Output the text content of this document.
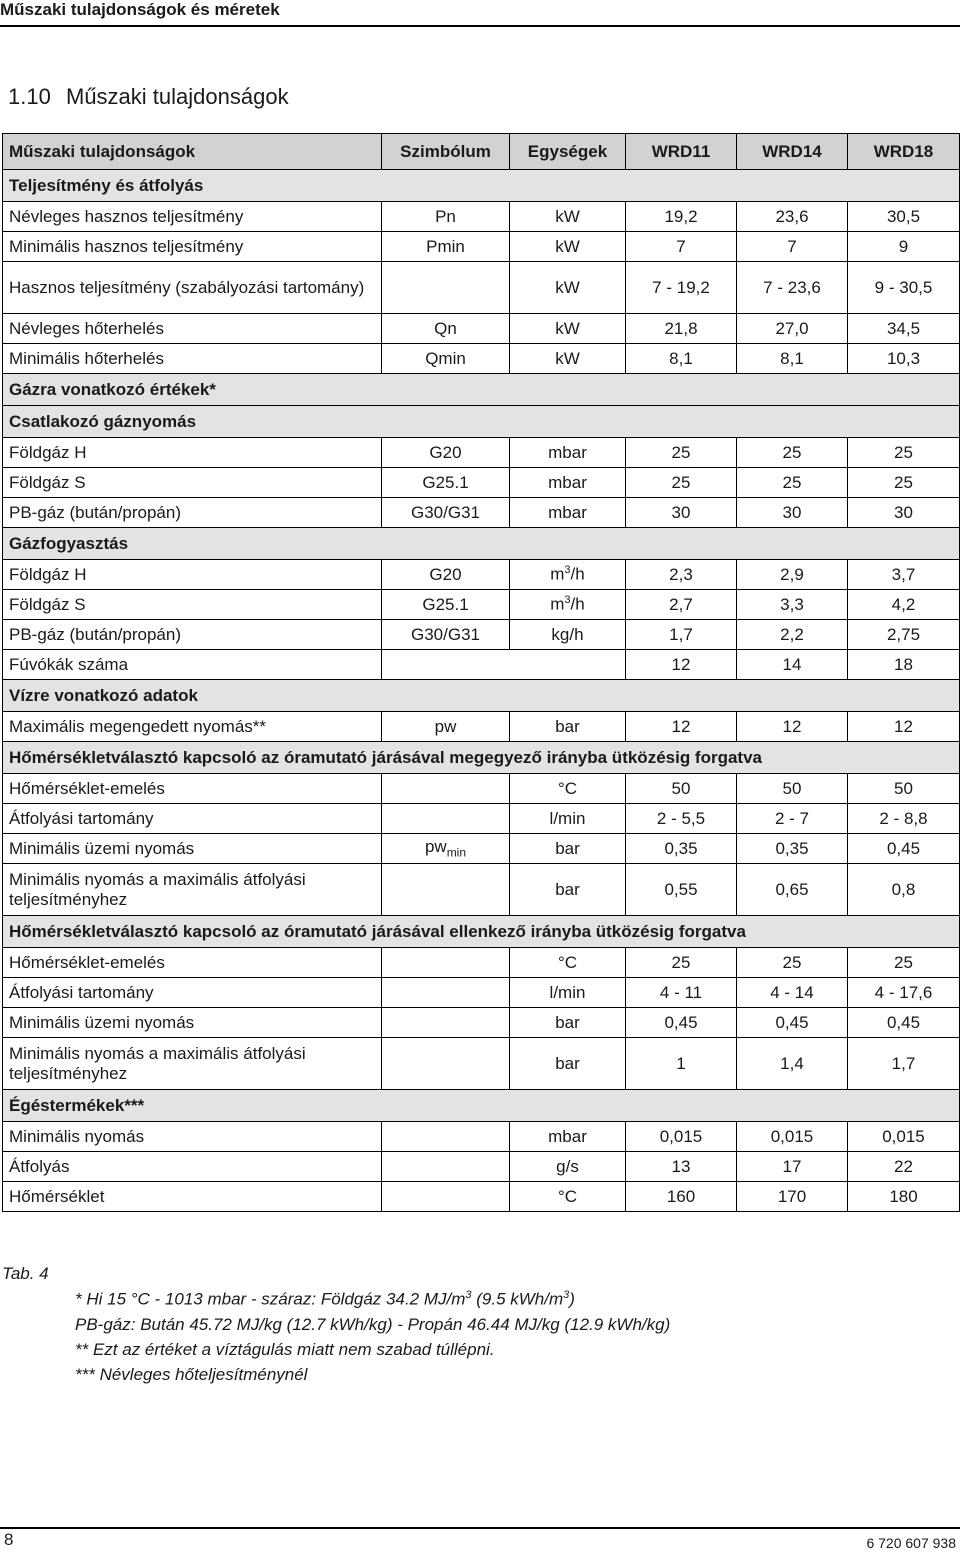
Műszaki tulajdonságok és méretek
1.10 Műszaki tulajdonságok
Műszaki tulajdonságok	Szimbólum	Egységek	WRD11	WRD14	WRD18
Teljesítmény és átfolyás					
Névleges hasznos teljesítmény	Pn	kW	19,2	23,6	30,5
Minimális hasznos teljesítmény	Pmin	kW	7	7	9
Hasznos teljesítmény (szabályozási tartomány)		kW	7 - 19,2	7 - 23,6	9 - 30,5
Névleges hőterhelés	Qn	kW	21,8	27,0	34,5
Minimális hőterhelés	Qmin	kW	8,1	8,1	10,3
Gázra vonatkozó értékek*					
Csatlakozó gáznyomás					
Földgáz H	G20	mbar	25	25	25
Földgáz S	G25.1	mbar	25	25	25
PB-gáz (bután/propán)	G30/G31	mbar	30	30	30
Gázfogyasztás					
Földgáz H	G20	$m^3/h$	2,3	2,9	3,7
Földgáz S	G25.1	$m^3/h$	2,7	3,3	4,2
PB-gáz (bután/propán)	G30/G31	kg/h	1,7	2,2	2,75
Fúvókák száma			12	14	18
Vízre vonatkozó adatok					
Maximális megengedett nyomás**	pw	bar	12	12	12
Hőmérsékletválasztó kapcsoló az óramutató járásával megegyező irányba ütközésig forgatva					
Hőmérséklet-emelés		°C	50	50	50
Átfolyási tartomány		l/min	2 - 5,5	2 - 7	2 - 8,8
Minimális üzemi nyomás	$pw_{min}$	bar	0,35	0,35	0,45
Minimális nyomás a maximális átfolyási teljesítményhez		bar	0,55	0,65	0,8
Hőmérsékletválasztó kapcsoló az óramutató járásával ellenkező irányba ütközésig forgatva					
Hőmérséklet-emelés		°C	25	25	25
Átfolyási tartomány		l/min	4 - 11	4 - 14	4 - 17,6
Minimális üzemi nyomás		bar	0,45	0,45	0,45
Minimális nyomás a maximális átfolyási teljesítményhez		bar	1	1,4	1,7
Égéstermékek***					
Minimális nyomás		mbar	0,015	0,015	0,015
Átfolyás		g/s	13	17	22
Hőmérséklet		°C	160	170	180
Tab. 4
* Hi 15 °C - 1013 mbar - száraz: Földgáz 34.2 $MJ/m^3$ (9.5 kWh/$m^3$)
PB-gáz: Bután 45.72 MJ/kg (12.7 kWh/kg) - Propán 46.44 MJ/kg (12.9 kWh/kg)
** Ezt az értéket a víztágulás miatt nem szabad túllépni.
*** Névleges hőteljesítménynél
8	6 720 607 938
